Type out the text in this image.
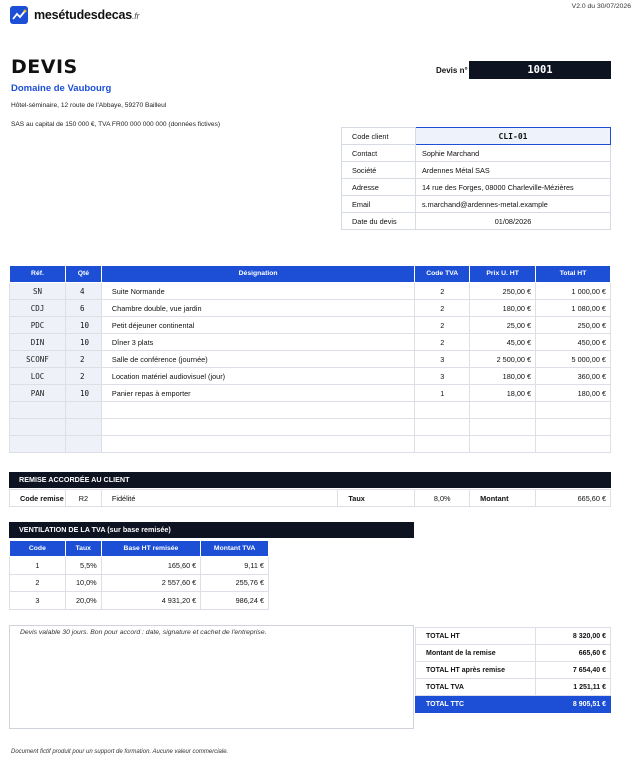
mesétudesdecas.fr
V2.0 du 30/07/2026
DEVIS
Domaine de Vaubourg
Hôtel-séminaire, 12 route de l'Abbaye, 59270 Bailleul
SAS au capital de 150 000 €, TVA FR00 000 000 000 (données fictives)
Devis n°	1001
Code client	CLI-01
Contact	Sophie Marchand
Société	Ardennes Métal SAS
Adresse	14 rue des Forges, 08000 Charleville-Mézières
Email	s.marchand@ardennes-metal.example
Date du devis	01/08/2026
Réf.	Qté	Désignation	Code TVA	Prix U. HT	Total HT
SN	4	Suite Normande	2	250,00 €	1 000,00 €
CDJ	6	Chambre double, vue jardin	2	180,00 €	1 080,00 €
PDC	10	Petit déjeuner continental	2	25,00 €	250,00 €
DIN	10	Dîner 3 plats	2	45,00 €	450,00 €
SCONF	2	Salle de conférence (journée)	3	2 500,00 €	5 000,00 €
LOC	2	Location matériel audiovisuel (jour)	3	180,00 €	360,00 €
PAN	10	Panier repas à emporter	1	18,00 €	180,00 €

REMISE ACCORDÉE AU CLIENT
Code remise	R2	Fidélité	Taux	8,0%	Montant	665,60 €
VENTILATION DE LA TVA (sur base remisée)
Code	Taux	Base HT remisée	Montant TVA
1	5,5%	165,60 €	9,11 €
2	10,0%	2 557,60 €	255,76 €
3	20,0%	4 931,20 €	986,24 €
Devis valable 30 jours. Bon pour accord : date, signature et cachet de l'entreprise.	TOTAL HT	8 320,00 €
Montant de la remise	665,60 €
TOTAL HT après remise	7 654,40 €
TOTAL TVA	1 251,11 €
TOTAL TTC	8 905,51 €
Document fictif produit pour un support de formation. Aucune valeur commerciale.
